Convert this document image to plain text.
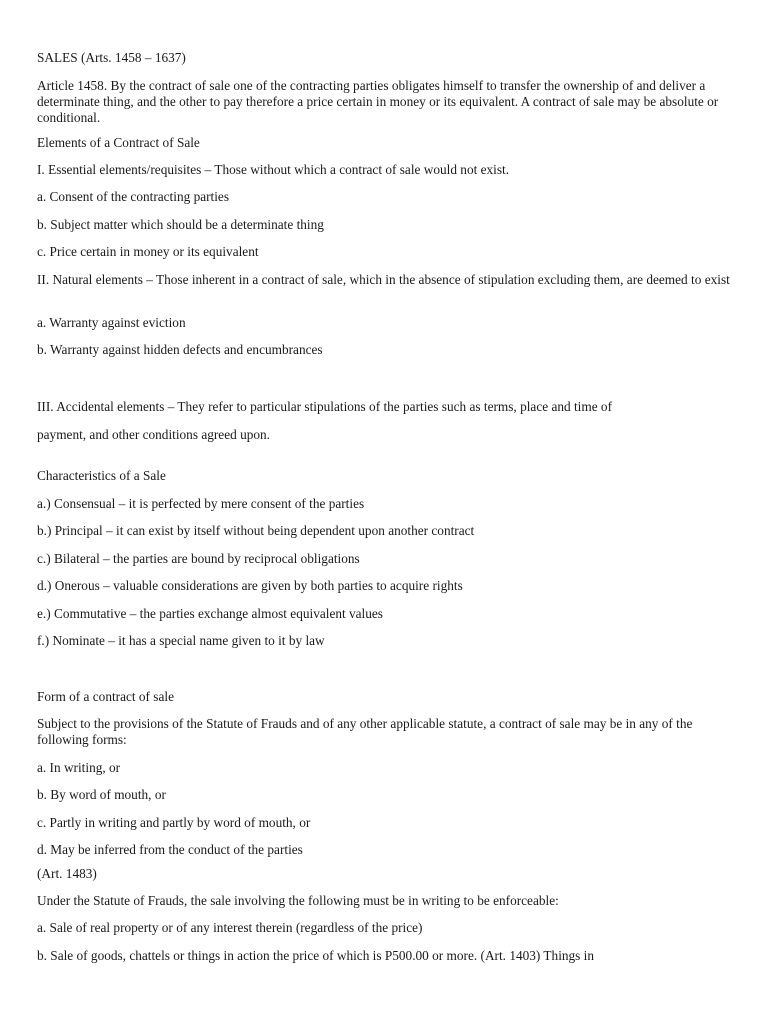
SALES (Arts. 1458 – 1637)

Article 1458. By the contract of sale one of the contracting parties obligates himself to transfer the ownership of and deliver a determinate thing, and the other to pay therefore a price certain in money or its equivalent. A contract of sale may be absolute or conditional.

Elements of a Contract of Sale

I. Essential elements/requisites – Those without which a contract of sale would not exist.

a. Consent of the contracting parties

b. Subject matter which should be a determinate thing

c. Price certain in money or its equivalent

II. Natural elements – Those inherent in a contract of sale, which in the absence of stipulation excluding them, are deemed to exist

a. Warranty against eviction

b. Warranty against hidden defects and encumbrances

III. Accidental elements – They refer to particular stipulations of the parties such as terms, place and time of

payment, and other conditions agreed upon.

Characteristics of a Sale

a.) Consensual – it is perfected by mere consent of the parties

b.) Principal – it can exist by itself without being dependent upon another contract

c.) Bilateral – the parties are bound by reciprocal obligations

d.) Onerous – valuable considerations are given by both parties to acquire rights

e.) Commutative – the parties exchange almost equivalent values

f.) Nominate – it has a special name given to it by law

Form of a contract of sale

Subject to the provisions of the Statute of Frauds and of any other applicable statute, a contract of sale may be in any of the following forms:

a. In writing, or

b. By word of mouth, or

c. Partly in writing and partly by word of mouth, or

d. May be inferred from the conduct of the parties

(Art. 1483)

Under the Statute of Frauds, the sale involving the following must be in writing to be enforceable:

a. Sale of real property or of any interest therein (regardless of the price)

b. Sale of goods, chattels or things in action the price of which is P500.00 or more. (Art. 1403) Things in
